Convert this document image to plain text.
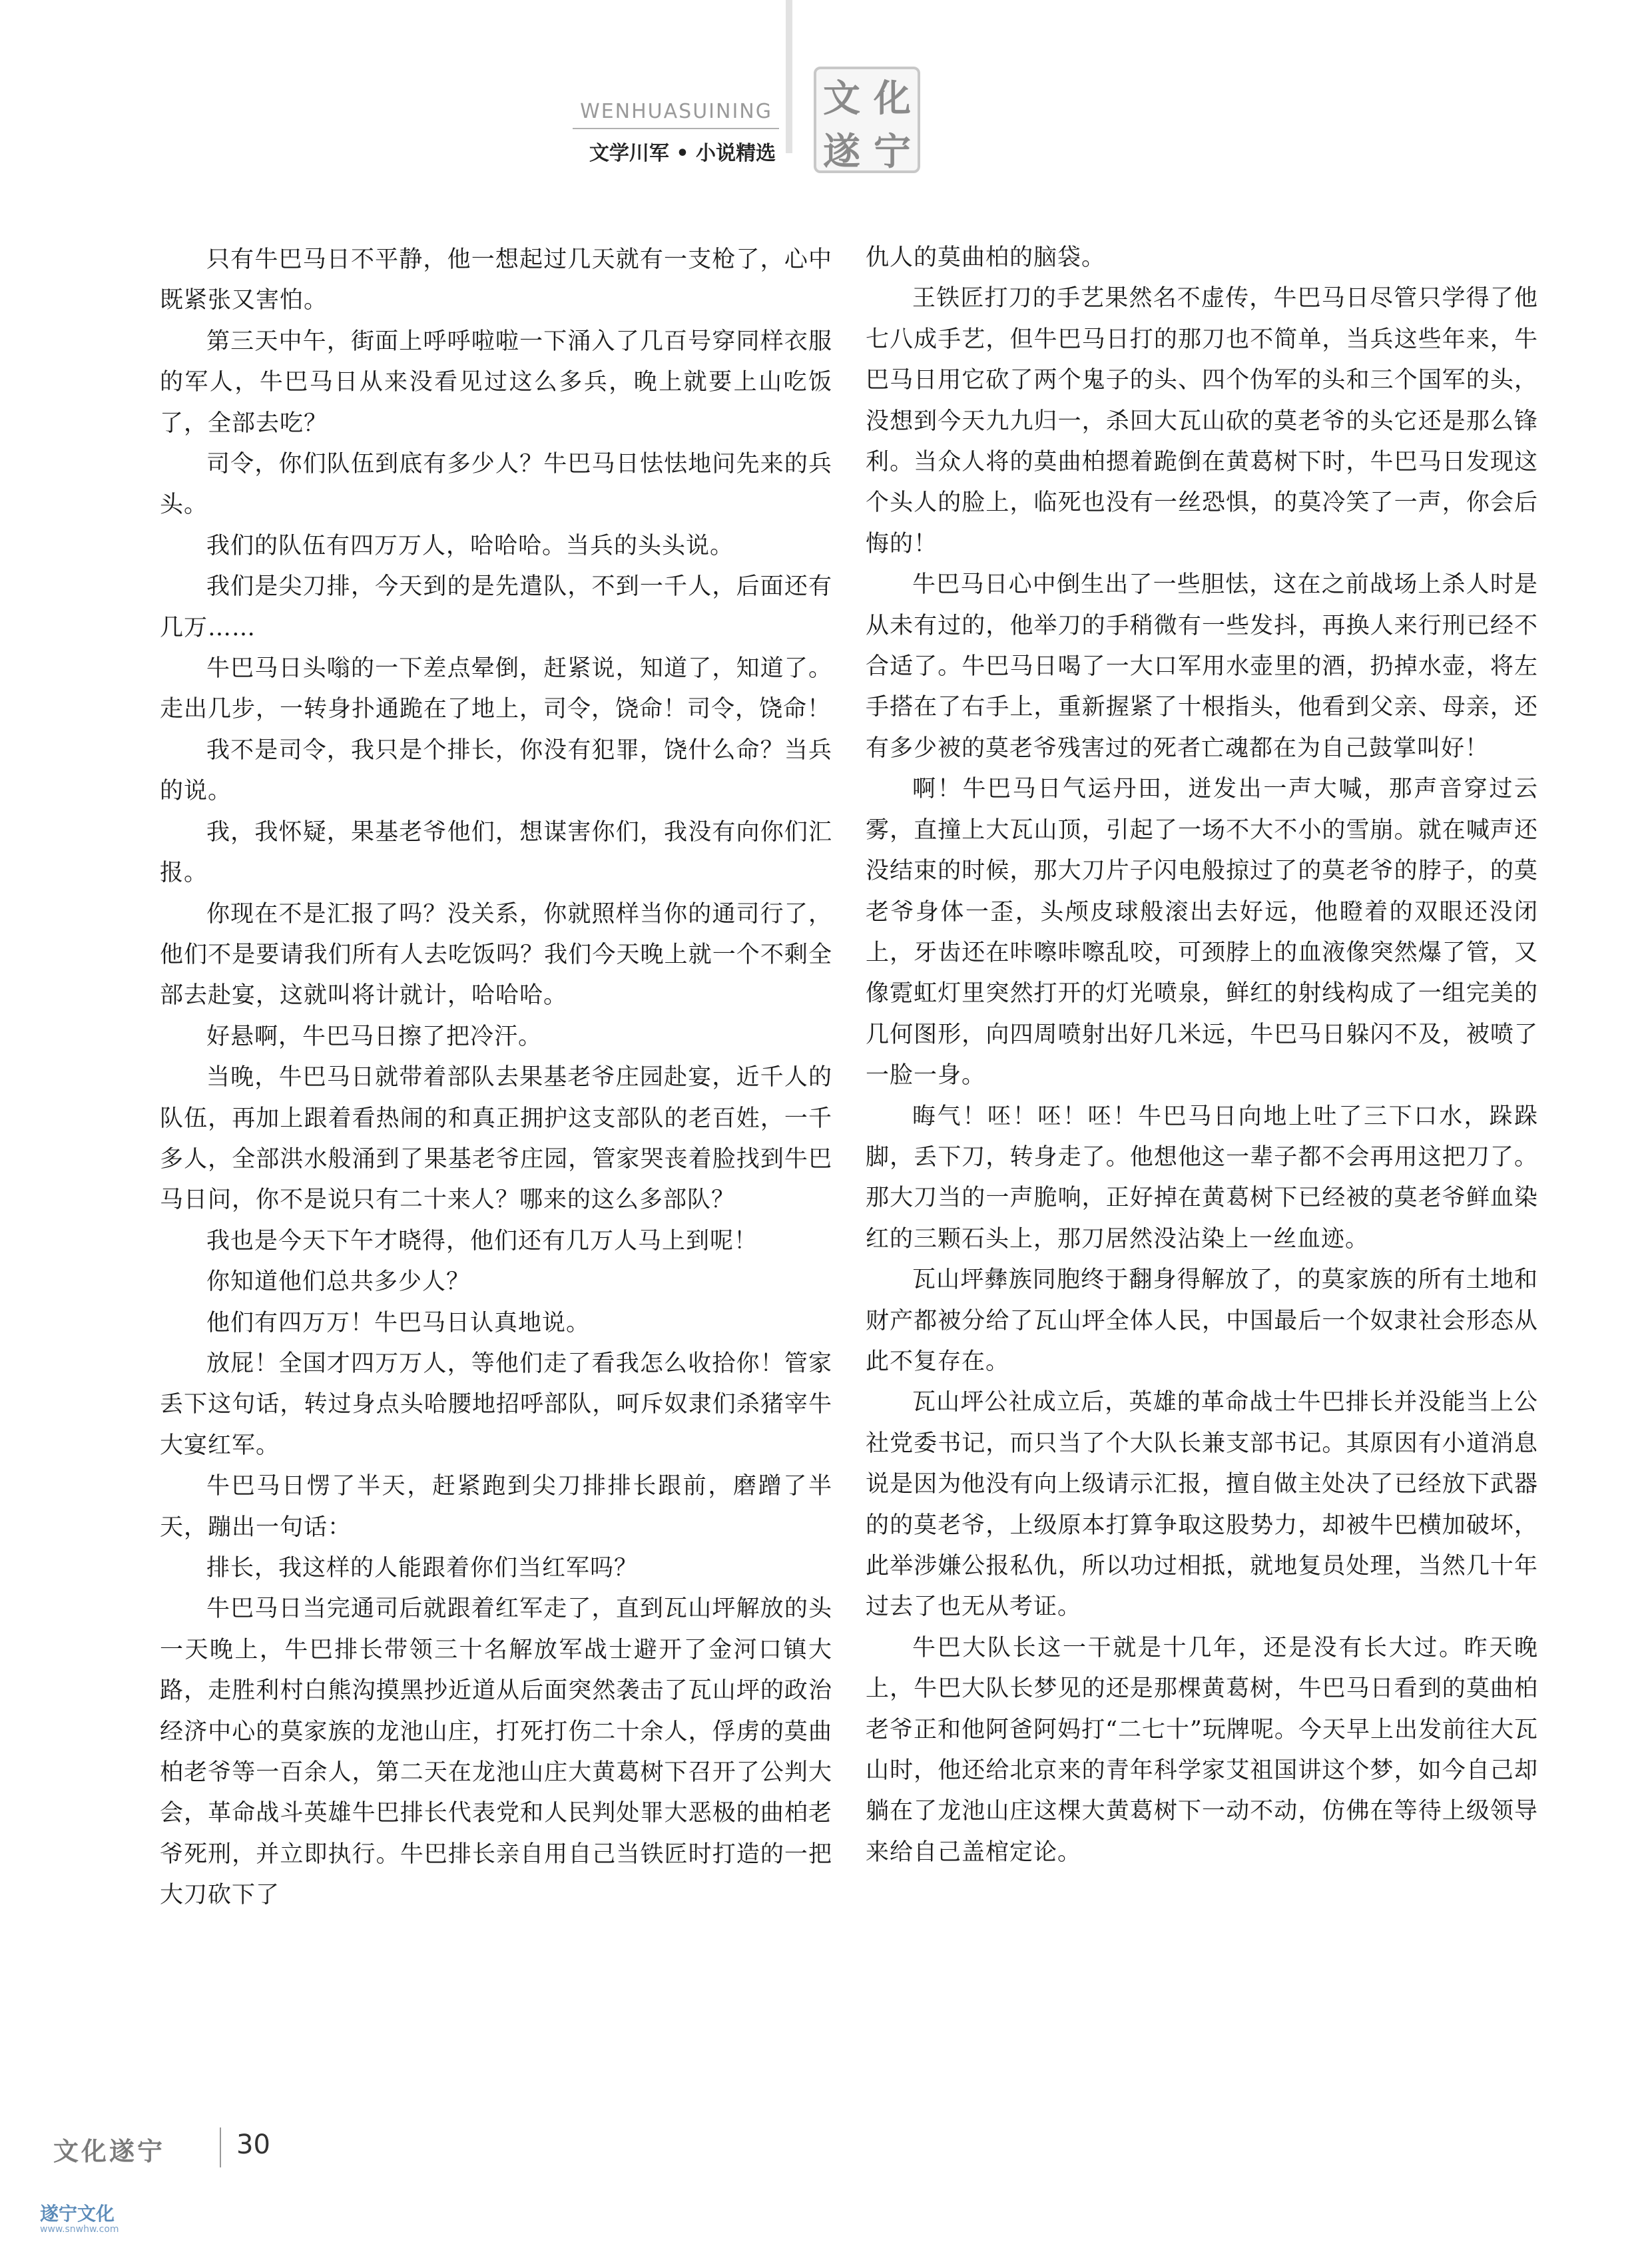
WENHUASUINING
文学川军 • 小说精选
文 化
遂 宁

只有牛巴马日不平静，他一想起过几天就有一支枪了，心中既紧张又害怕。

第三天中午，街面上呼呼啦啦一下涌入了几百号穿同样衣服的军人，牛巴马日从来没看见过这么多兵，晚上就要上山吃饭了，全部去吃？

司令，你们队伍到底有多少人？牛巴马日怯怯地问先来的兵头。

我们的队伍有四万万人，哈哈哈。当兵的头头说。

我们是尖刀排，今天到的是先遣队，不到一千人，后面还有几万……

牛巴马日头嗡的一下差点晕倒，赶紧说，知道了，知道了。走出几步，一转身扑通跪在了地上，司令，饶命！司令，饶命！

我不是司令，我只是个排长，你没有犯罪，饶什么命？当兵的说。

我，我怀疑，果基老爷他们，想谋害你们，我没有向你们汇报。

你现在不是汇报了吗？没关系，你就照样当你的通司行了，他们不是要请我们所有人去吃饭吗？我们今天晚上就一个不剩全部去赴宴，这就叫将计就计，哈哈哈。

好悬啊，牛巴马日擦了把冷汗。

当晚，牛巴马日就带着部队去果基老爷庄园赴宴，近千人的队伍，再加上跟着看热闹的和真正拥护这支部队的老百姓，一千多人，全部洪水般涌到了果基老爷庄园，管家哭丧着脸找到牛巴马日问，你不是说只有二十来人？哪来的这么多部队？

我也是今天下午才晓得，他们还有几万人马上到呢！

你知道他们总共多少人？

他们有四万万！牛巴马日认真地说。

放屁！全国才四万万人，等他们走了看我怎么收拾你！管家丢下这句话，转过身点头哈腰地招呼部队，呵斥奴隶们杀猪宰牛大宴红军。

牛巴马日愣了半天，赶紧跑到尖刀排排长跟前，磨蹭了半天，蹦出一句话：

排长，我这样的人能跟着你们当红军吗？

牛巴马日当完通司后就跟着红军走了，直到瓦山坪解放的头一天晚上，牛巴排长带领三十名解放军战士避开了金河口镇大路，走胜利村白熊沟摸黑抄近道从后面突然袭击了瓦山坪的政治经济中心的莫家族的龙池山庄，打死打伤二十余人，俘虏的莫曲柏老爷等一百余人，第二天在龙池山庄大黄葛树下召开了公判大会，革命战斗英雄牛巴排长代表党和人民判处罪大恶极的曲柏老爷死刑，并立即执行。牛巴排长亲自用自己当铁匠时打造的一把大刀砍下了

仇人的莫曲柏的脑袋。

王铁匠打刀的手艺果然名不虚传，牛巴马日尽管只学得了他七八成手艺，但牛巴马日打的那刀也不简单，当兵这些年来，牛巴马日用它砍了两个鬼子的头、四个伪军的头和三个国军的头，没想到今天九九归一，杀回大瓦山砍的莫老爷的头它还是那么锋利。当众人将的莫曲柏摁着跪倒在黄葛树下时，牛巴马日发现这个头人的脸上，临死也没有一丝恐惧，的莫冷笑了一声，你会后悔的！

牛巴马日心中倒生出了一些胆怯，这在之前战场上杀人时是从未有过的，他举刀的手稍微有一些发抖，再换人来行刑已经不合适了。牛巴马日喝了一大口军用水壶里的酒，扔掉水壶，将左手搭在了右手上，重新握紧了十根指头，他看到父亲、母亲，还有多少被的莫老爷残害过的死者亡魂都在为自己鼓掌叫好！

啊！牛巴马日气运丹田，迸发出一声大喊，那声音穿过云雾，直撞上大瓦山顶，引起了一场不大不小的雪崩。就在喊声还没结束的时候，那大刀片子闪电般掠过了的莫老爷的脖子，的莫老爷身体一歪，头颅皮球般滚出去好远，他瞪着的双眼还没闭上，牙齿还在咔嚓咔嚓乱咬，可颈脖上的血液像突然爆了管，又像霓虹灯里突然打开的灯光喷泉，鲜红的射线构成了一组完美的几何图形，向四周喷射出好几米远，牛巴马日躲闪不及，被喷了一脸一身。

晦气！呸！呸！呸！牛巴马日向地上吐了三下口水，跺跺脚，丢下刀，转身走了。他想他这一辈子都不会再用这把刀了。那大刀当的一声脆响，正好掉在黄葛树下已经被的莫老爷鲜血染红的三颗石头上，那刀居然没沾染上一丝血迹。

瓦山坪彝族同胞终于翻身得解放了，的莫家族的所有土地和财产都被分给了瓦山坪全体人民，中国最后一个奴隶社会形态从此不复存在。

瓦山坪公社成立后，英雄的革命战士牛巴排长并没能当上公社党委书记，而只当了个大队长兼支部书记。其原因有小道消息说是因为他没有向上级请示汇报，擅自做主处决了已经放下武器的的莫老爷，上级原本打算争取这股势力，却被牛巴横加破坏，此举涉嫌公报私仇，所以功过相抵，就地复员处理，当然几十年过去了也无从考证。

牛巴大队长这一干就是十几年，还是没有长大过。昨天晚上，牛巴大队长梦见的还是那棵黄葛树，牛巴马日看到的莫曲柏老爷正和他阿爸阿妈打“二七十”玩牌呢。今天早上出发前往大瓦山时，他还给北京来的青年科学家艾祖国讲这个梦，如今自己却躺在了龙池山庄这棵大黄葛树下一动不动，仿佛在等待上级领导来给自己盖棺定论。

文化遂宁	30
遂宁文化
www.snwhw.com
